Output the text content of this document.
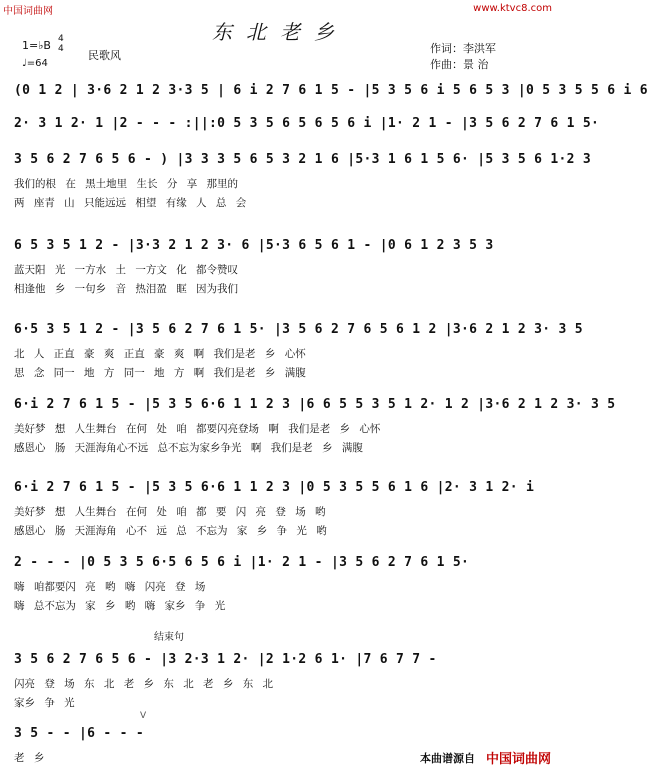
中国词曲网	www.ktvc8.com
东北老乡
1=♭B 4
4
♩=64
民歌风
作词：李洪军
作曲：景 治
(0 1 2 | 3·6 2 1 2 3·3 5 | 6 i 2 7 6 1 5 - |5 3 5 6 i 5 6 5 3 |0 5 3 5 5 6 i 6
2· 3 1 2· 1 |2 - - - :||:0 5 3 5 6 5 6 5 6 i |1· 2 1 - |3 5 6 2 7 6 1 5·
3 5 6 2 7 6 5 6 - ) |3 3 3 5 6 5 3 2 1 6 |5·3 1 6 1 5 6· |5 3 5 6 1·2 3
我们的根 在 黑土地里 生长 分 享 那里的
两 座青 山 只能远远 相望 有缘 人 总 会
6 5 3 5 1 2 - |3·3 2 1 2 3· 6 |5·3 6 5 6 1 - |0 6 1 2 3 5 3
蓝天阳 光 一方水 土 一方文 化 都令赞叹
相逢他 乡 一句乡 音 热泪盈 眶 因为我们
6·5 3 5 1 2 - |3 5 6 2 7 6 1 5· |3 5 6 2 7 6 5 6 1 2 |3·6 2 1 2 3· 3 5
北 人 正直 豪 爽 正直 豪 爽 啊 我们是老 乡 心怀
思 念 同一 地 方 同一 地 方 啊 我们是老 乡 满腹
6·i 2 7 6 1 5 - |5 3 5 6·6 1 1 2 3 |6 6 5 5 3 5 1 2· 1 2 |3·6 2 1 2 3· 3 5
美好梦 想 人生舞台 在何 处 咱 都要闪亮登场 啊 我们是老 乡 心怀
感恩心 肠 天涯海角心不远 总不忘为家乡争光 啊 我们是老 乡 满腹
6·i 2 7 6 1 5 - |5 3 5 6·6 1 1 2 3 |0 5 3 5 5 6 1 6 |2· 3 1 2· i
美好梦 想 人生舞台 在何 处 咱 都 要 闪 亮 登 场 哟
感恩心 肠 天涯海角 心不 远 总 不忘为 家 乡 争 光 哟
2 - - - |0 5 3 5 6·5 6 5 6 i |1· 2 1 - |3 5 6 2 7 6 1 5·
嗨 咱都要闪 亮 哟 嗨 闪亮 登 场
嗨 总不忘为 家 乡 哟 嗨 家乡 争 光
3 5 6 2 7 6 5 6 - |3 2·3 1 2· |2 1·2 6 1· |7 6 7 7 -
闪亮 登 场 东 北 老 乡 东 北 老 乡 东 北
家乡 争 光
3 5 - - |6 - - -
老 乡
结束句
V
本曲谱源自 中国词曲网
